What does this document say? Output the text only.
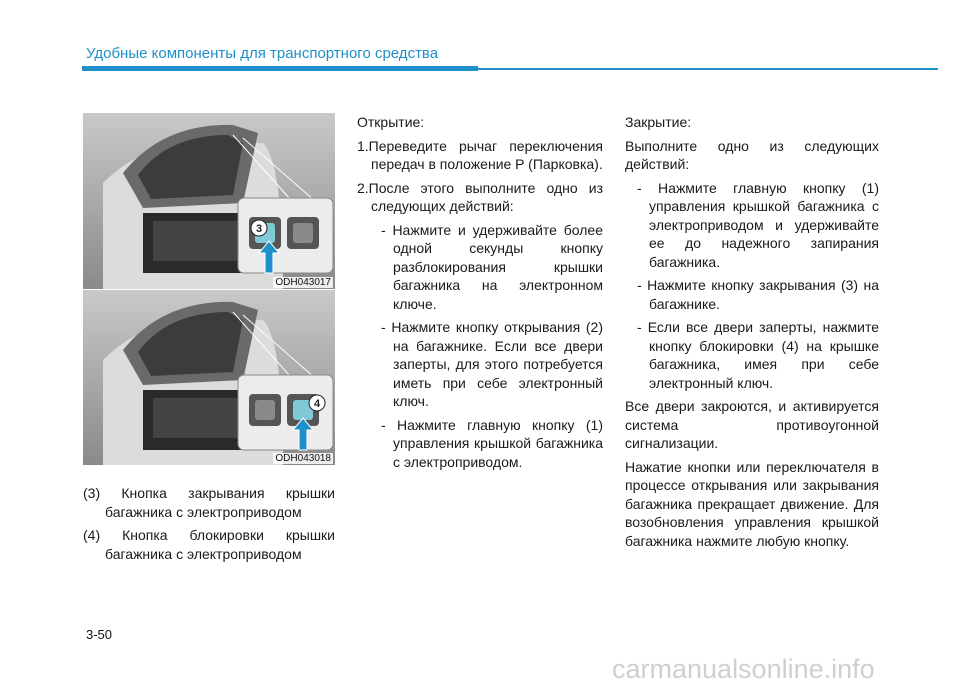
Удобные компоненты для транспортного средства
3
ODH043017
4
ODH043018

(3) Кнопка закрывания крышки багажника с электроприводом

(4) Кнопка блокировки крышки багажника с электроприводом

Открытие:

1.Переведите рычаг переключения передач в положение P (Парковка).

2.После этого выполните одно из следующих действий:

- Нажмите и удерживайте более одной секунды кнопку разблокирования крышки багажника на электронном ключе.

- Нажмите кнопку открывания (2) на багажнике. Если все двери заперты, для этого потребуется иметь при себе электронный ключ.

- Нажмите главную кнопку (1) управления крышкой багажника с электроприводом.

Закрытие:

Выполните одно из следующих действий:

- Нажмите главную кнопку (1) управления крышкой багажника с электроприводом и удерживайте ее до надежного запирания багажника.

- Нажмите кнопку закрывания (3) на багажнике.

- Если все двери заперты, нажмите кнопку блокировки (4) на крышке багажника, имея при себе электронный ключ.

Все двери закроются, и активируется система противоугонной сигнализации.

Нажатие кнопки или переключателя в процессе открывания или закрывания багажника прекращает движение. Для возобновления управления крышкой багажника нажмите любую кнопку.

3-50
carmanualsonline.info
